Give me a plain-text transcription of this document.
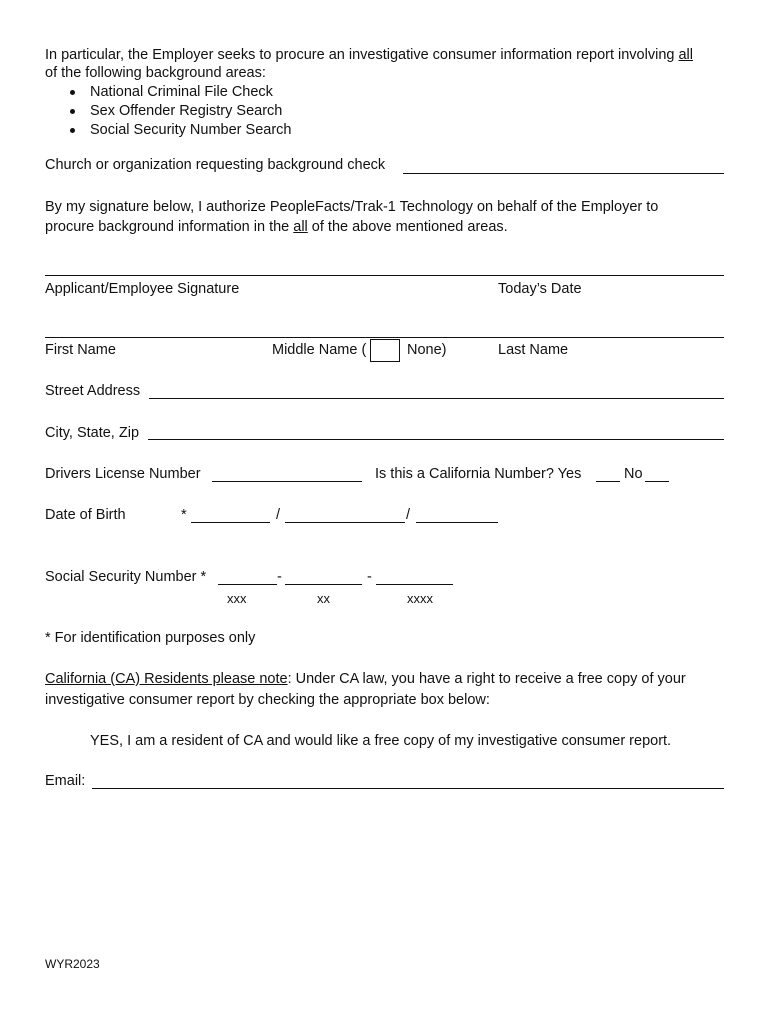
In particular, the Employer seeks to procure an investigative consumer information report involving all
of the following background areas:
National Criminal File Check
Sex Offender Registry Search
Social Security Number Search
Church or organization requesting background check
By my signature below, I authorize PeopleFacts/Trak-1 Technology on behalf of the Employer to
procure background information in the all of the above mentioned areas.
Applicant/Employee Signature	Today’s Date
First Name	Middle Name (	None)	Last Name
Street Address
City, State, Zip
Drivers License Number	Is this a California Number? Yes	No
Date of Birth	*	/	/
Social Security Number *	-	-
xxx	xx	xxxx
* For identification purposes only
California (CA) Residents please note: Under CA law, you have a right to receive a free copy of your
investigative consumer report by checking the appropriate box below:
YES, I am a resident of CA and would like a free copy of my investigative consumer report.
Email:
WYR2023
